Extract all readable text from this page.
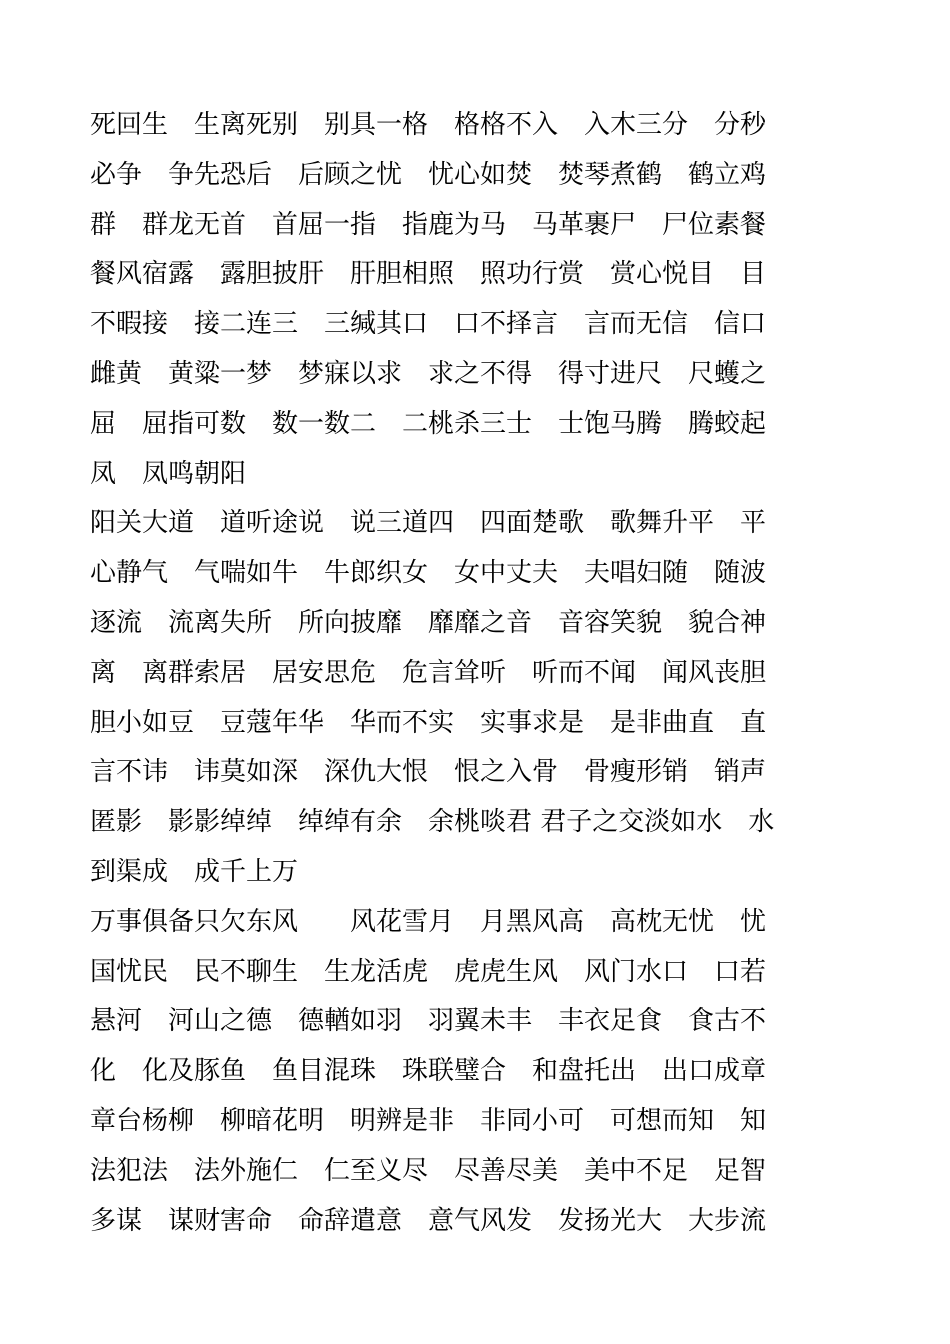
死回生　生离死别　别具一格　格格不入　入木三分　分秒
必争　争先恐后　后顾之忧　忧心如焚　焚琴煮鹤　鹤立鸡
群　群龙无首　首屈一指　指鹿为马　马革裹尸　尸位素餐
餐风宿露　露胆披肝　肝胆相照　照功行赏　赏心悦目　目
不暇接　接二连三　三缄其口　口不择言　言而无信　信口
雌黄　黄粱一梦　梦寐以求　求之不得　得寸进尺　尺蠖之
屈　屈指可数　数一数二　二桃杀三士　士饱马腾　腾蛟起
凤　凤鸣朝阳
阳关大道　道听途说　说三道四　四面楚歌　歌舞升平　平
心静气　气喘如牛　牛郎织女　女中丈夫　夫唱妇随　随波
逐流　流离失所　所向披靡　靡靡之音　音容笑貌　貌合神
离　离群索居　居安思危　危言耸听　听而不闻　闻风丧胆
胆小如豆　豆蔻年华　华而不实　实事求是　是非曲直　直
言不讳　讳莫如深　深仇大恨　恨之入骨　骨瘦形销　销声
匿影　影影绰绰　绰绰有余　余桃啖君 君子之交淡如水　水
到渠成　成千上万
万事俱备只欠东风　　风花雪月　月黑风高　高枕无忧　忧
国忧民　民不聊生　生龙活虎　虎虎生风　风门水口　口若
悬河　河山之德　德輶如羽　羽翼未丰　丰衣足食　食古不
化　化及豚鱼　鱼目混珠　珠联璧合　和盘托出　出口成章
章台杨柳　柳暗花明　明辨是非　非同小可　可想而知　知
法犯法　法外施仁　仁至义尽　尽善尽美　美中不足　足智
多谋　谋财害命　命辞遣意　意气风发　发扬光大　大步流
